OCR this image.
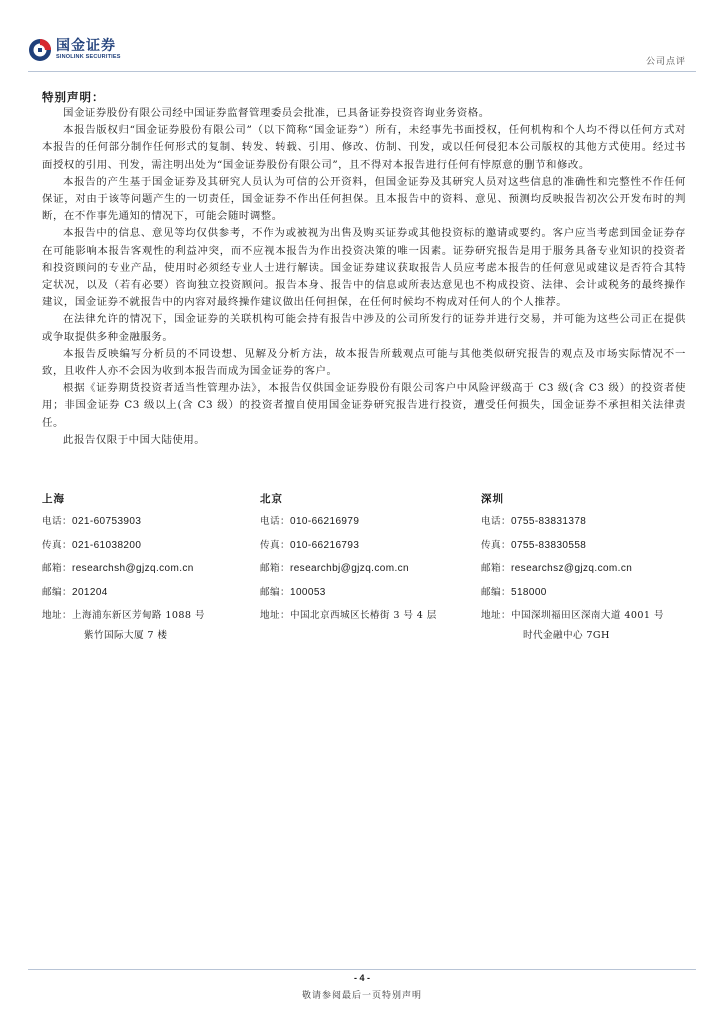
国金证券
SINOLINK SECURITIES	公司点评
特别声明：

国金证券股份有限公司经中国证券监督管理委员会批准，已具备证券投资咨询业务资格。

本报告版权归“国金证券股份有限公司”（以下简称“国金证券”）所有，未经事先书面授权，任何机构和个人均不得以任何方式对本报告的任何部分制作任何形式的复制、转发、转载、引用、修改、仿制、刊发，或以任何侵犯本公司版权的其他方式使用。经过书面授权的引用、刊发，需注明出处为“国金证券股份有限公司”，且不得对本报告进行任何有悖原意的删节和修改。

本报告的产生基于国金证券及其研究人员认为可信的公开资料，但国金证券及其研究人员对这些信息的准确性和完整性不作任何保证，对由于该等问题产生的一切责任，国金证券不作出任何担保。且本报告中的资料、意见、预测均反映报告初次公开发布时的判断，在不作事先通知的情况下，可能会随时调整。

本报告中的信息、意见等均仅供参考，不作为或被视为出售及购买证券或其他投资标的邀请或要约。客户应当考虑到国金证券存在可能影响本报告客观性的利益冲突，而不应视本报告为作出投资决策的唯一因素。证券研究报告是用于服务具备专业知识的投资者和投资顾问的专业产品，使用时必须经专业人士进行解读。国金证券建议获取报告人员应考虑本报告的任何意见或建议是否符合其特定状况，以及（若有必要）咨询独立投资顾问。报告本身、报告中的信息或所表达意见也不构成投资、法律、会计或税务的最终操作建议，国金证券不就报告中的内容对最终操作建议做出任何担保，在任何时候均不构成对任何人的个人推荐。

在法律允许的情况下，国金证券的关联机构可能会持有报告中涉及的公司所发行的证券并进行交易，并可能为这些公司正在提供或争取提供多种金融服务。

本报告反映编写分析员的不同设想、见解及分析方法，故本报告所载观点可能与其他类似研究报告的观点及市场实际情况不一致，且收件人亦不会因为收到本报告而成为国金证券的客户。

根据《证券期货投资者适当性管理办法》，本报告仅供国金证券股份有限公司客户中风险评级高于 C3 级(含 C3 级）的投资者使用；非国金证券 C3 级以上(含 C3 级）的投资者擅自使用国金证券研究报告进行投资，遭受任何损失，国金证券不承担相关法律责任。

此报告仅限于中国大陆使用。

上海
电话：021-60753903
传真：021-61038200
邮箱：researchsh@gjzq.com.cn
邮编：201204
地址：上海浦东新区芳甸路 1088 号
紫竹国际大厦 7 楼
北京
电话：010-66216979
传真：010-66216793
邮箱：researchbj@gjzq.com.cn
邮编：100053
地址：中国北京西城区长椿街 3 号 4 层
深圳
电话：0755-83831378
传真：0755-83830558
邮箱：researchsz@gjzq.com.cn
邮编：518000
地址：中国深圳福田区深南大道 4001 号
时代金融中心 7GH
- 4 -
敬请参阅最后一页特别声明
